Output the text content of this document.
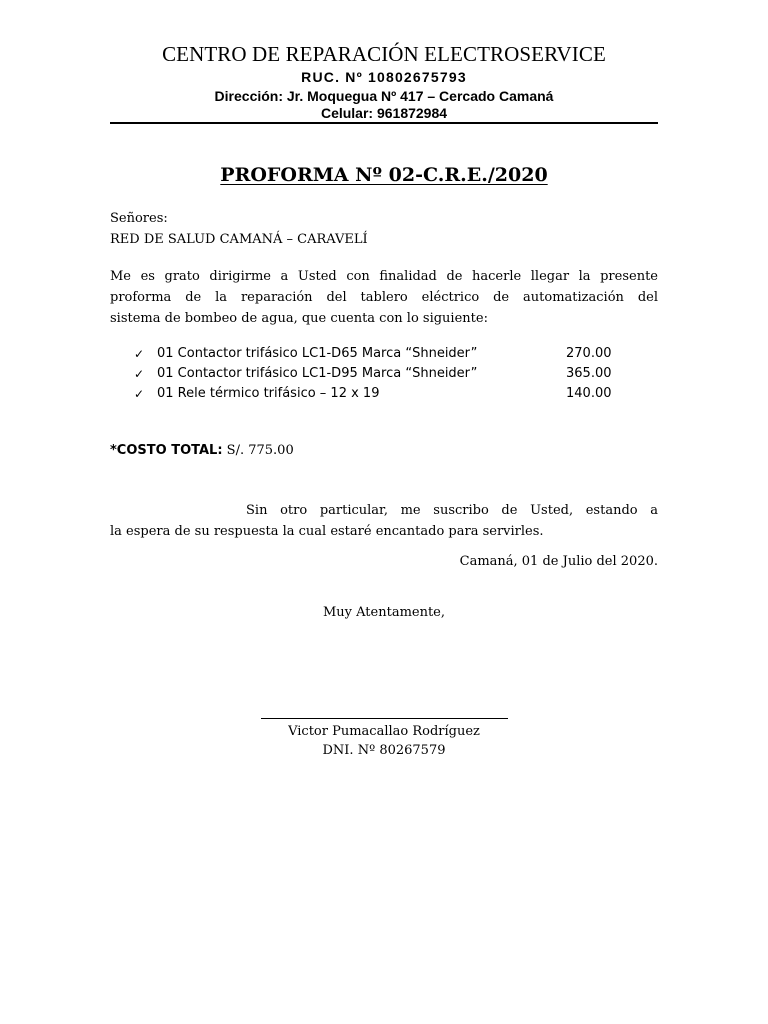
CENTRO DE REPARACIÓN ELECTROSERVICE
RUC. Nº 10802675793
Dirección: Jr. Moquegua Nº 417 – Cercado Camaná
Celular: 961872984
PROFORMA Nº 02-C.R.E./2020
Señores:
RED DE SALUD CAMANÁ – CARAVELÍ
Me es grato dirigirme a Usted con finalidad de hacerle llegar la presente
proforma de la reparación del tablero eléctrico de automatización del
sistema de bombeo de agua, que cuenta con lo siguiente:
✓ 01 Contactor trifásico LC1-D65 Marca “Shneider”	270.00
✓ 01 Contactor trifásico LC1-D95 Marca “Shneider”	365.00
✓ 01 Rele térmico trifásico – 12 x 19	140.00
*COSTO TOTAL: S/. 775.00
Sin otro particular, me suscribo de Usted, estando a
la espera de su respuesta la cual estaré encantado para servirles.
Camaná, 01 de Julio del 2020.
Muy Atentamente,
Victor Pumacallao Rodríguez
DNI. Nº 80267579
